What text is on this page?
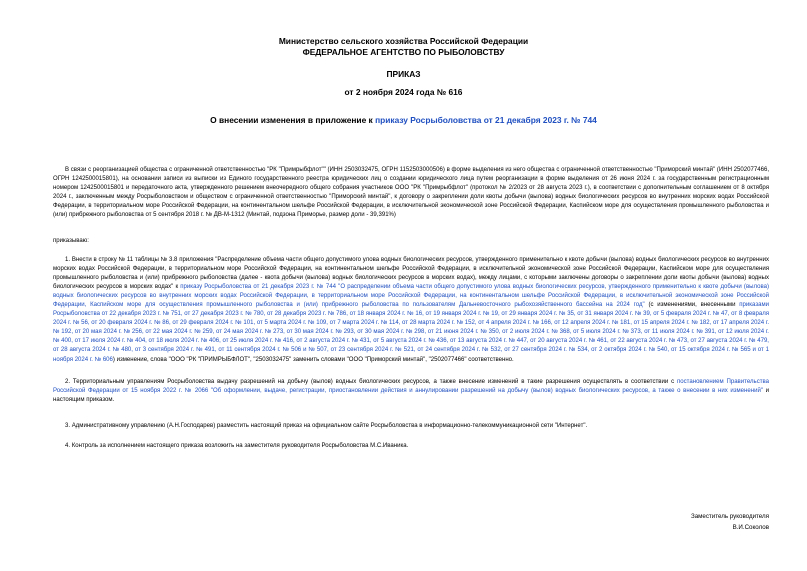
Министерство сельского хозяйства Российской Федерации
ФЕДЕРАЛЬНОЕ АГЕНТСТВО ПО РЫБОЛОВСТВУ
ПРИКАЗ
от 2 ноября 2024 года № 616
О внесении изменения в приложение к приказу Росрыболовства от 21 декабря 2023 г. № 744
В связи с реорганизацией общества с ограниченной ответственностью "РК "Примрыбфлот"" (ИНН 2503032475, ОГРН 1152503000506) в форме выделения из него общества с ограниченной ответственностью "Приморский минтай" (ИНН 2502077466, ОГРН 1242500015801), на основании записи из выписки из Единого государственного реестра юридических лиц о создании юридического лица путем реорганизации в форме выделения от 26 июня 2024 г. за государственным регистрационным номером 1242500015801 и передаточного акта, утвержденного решением внеочередного общего собрания участников ООО "РК "Примрыбфлот" (протокол № 2/2023 от 28 августа 2023 г.), в соответствии с дополнительным соглашением от 8 октября 2024 г., заключенным между Росрыболовством и обществом с ограниченной ответственностью "Приморский минтай", к договору о закреплении доли квоты добычи (вылова) водных биологических ресурсов во внутренних морских водах Российской Федерации, в территориальном море Российской Федерации, на континентальном шельфе Российской Федерации, в исключительной экономической зоне Российской Федерации, Каспийском море для осуществления промышленного рыболовства и (или) прибрежного рыболовства от 5 сентября 2018 г. № ДВ-М-1312 (Минтай, подзона Приморье, размер доли - 39,391%)
приказываю:
1. Внести в строку № 11 таблицы № 3.8 приложения "Распределение объема части общего допустимого улова водных биологических ресурсов, утвержденного применительно к квоте добычи (вылова) водных биологических ресурсов во внутренних морских водах Российской Федерации, в территориальном море Российской Федерации, на континентальном шельфе Российской Федерации, в исключительной экономической зоне Российской Федерации, Каспийском море для осуществления промышленного рыболовства и (или) прибрежного рыболовства (далее - квота добычи (вылова) водных биологических ресурсов в морских водах), между лицами, с которыми заключены договоры о закреплении доли квоты добычи (вылова) водных биологических ресурсов в морских водах" к приказу Росрыболовства от 21 декабря 2023 г. № 744 "О распределении объема части общего допустимого улова водных биологических ресурсов, утвержденного применительно к квоте добычи (вылова) водных биологических ресурсов во внутренних морских водах Российской Федерации, в территориальном море Российской Федерации, на континентальном шельфе Российской Федерации, в исключительной экономической зоне Российской Федерации, Каспийском море для осуществления промышленного рыболовства и (или) прибрежного рыболовства по пользователям Дальневосточного рыбохозяйственного бассейна на 2024 год" (с изменениями, внесенными приказами Росрыболовства от 22 декабря 2023 г. № 751, от 27 декабря 2023 г. № 780, от 28 декабря 2023 г. № 786, от 18 января 2024 г. № 16, от 19 января 2024 г. № 19, от 29 января 2024 г. № 35, от 31 января 2024 г. № 39, от 5 февраля 2024 г. № 47, от 8 февраля 2024 г. № 56, от 20 февраля 2024 г. № 86, от 29 февраля 2024 г. № 101, от 5 марта 2024 г. № 109, от 7 марта 2024 г. № 114, от 28 марта 2024 г. № 152, от 4 апреля 2024 г. № 166, от 12 апреля 2024 г. № 181, от 15 апреля 2024 г. № 182, от 17 апреля 2024 г. № 192, от 20 мая 2024 г. № 256, от 22 мая 2024 г. № 259, от 24 мая 2024 г. № 273, от 30 мая 2024 г. № 293, от 30 мая 2024 г. № 298, от 21 июня 2024 г. № 350, от 2 июля 2024 г. № 368, от 5 июля 2024 г. № 373, от 11 июля 2024 г. № 391, от 12 июля 2024 г. № 400, от 17 июля 2024 г. № 404, от 18 июля 2024 г. № 406, от 25 июля 2024 г. № 416, от 2 августа 2024 г. № 431, от 5 августа 2024 г. № 436, от 13 августа 2024 г. № 447, от 20 августа 2024 г. № 461, от 22 августа 2024 г. № 473, от 27 августа 2024 г. № 479, от 28 августа 2024 г. № 480, от 3 сентября 2024 г. № 491, от 11 сентября 2024 г. № 506 и № 507, от 23 сентября 2024 г. № 521, от 24 сентября 2024 г. № 532, от 27 сентября 2024 г. № 534, от 2 октября 2024 г. № 540, от 15 октября 2024 г. № 565 и от 1 ноября 2024 г. № 606) изменение, слова "ООО "РК "ПРИМРЫБФЛОТ", "2503032475" заменить словами "ООО "Приморский минтай", "2502077466" соответственно.
2. Территориальным управлениям Росрыболовства выдачу разрешений на добычу (вылов) водных биологических ресурсов, а также внесение изменений в такие разрешения осуществлять в соответствии с постановлением Правительства Российской Федерации от 15 ноября 2022 г. № 2066 "Об оформлении, выдаче, регистрации, приостановлении действия и аннулировании разрешений на добычу (вылов) водных биологических ресурсов, а также о внесении в них изменений" и настоящим приказом.
3. Административному управлению (А.Н.Господарев) разместить настоящий приказ на официальном сайте Росрыболовства в информационно-телекоммуникационной сети "Интернет".
4. Контроль за исполнением настоящего приказа возложить на заместителя руководителя Росрыболовства М.С.Иваника.
Заместитель руководителя
В.И.Соколов
